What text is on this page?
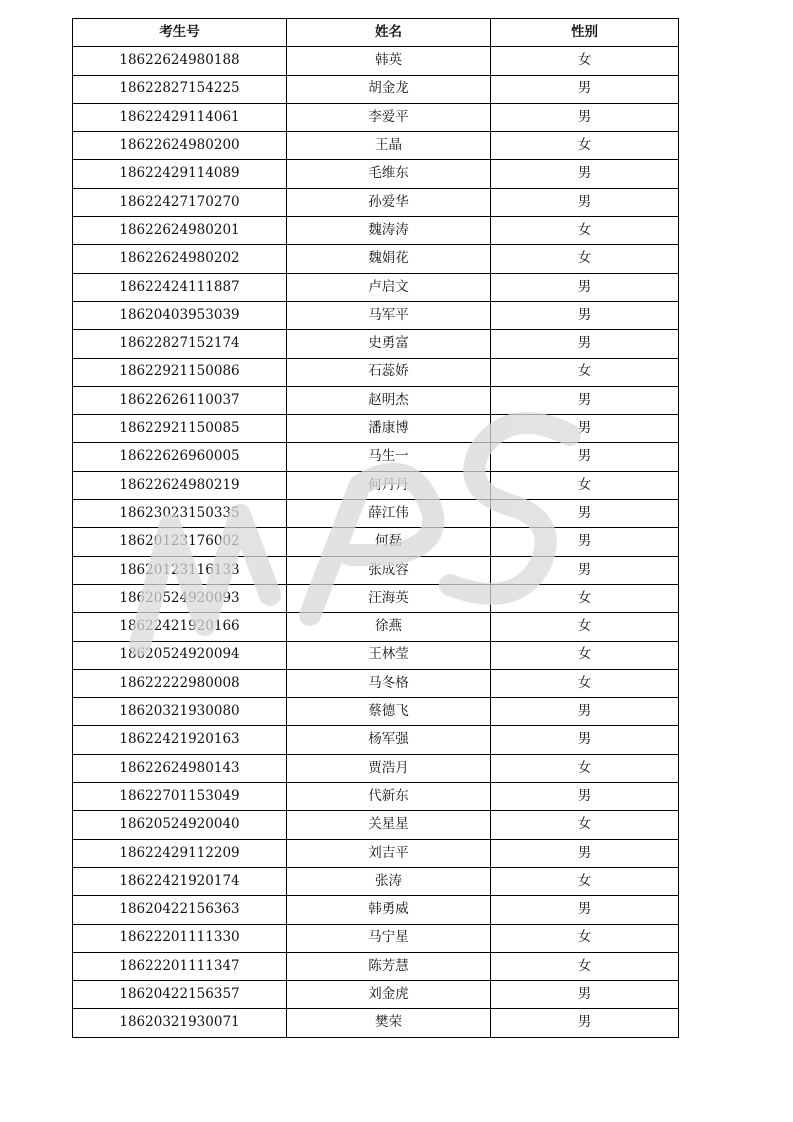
考生号	姓名	性别
18622624980188	韩英	女
18622827154225	胡金龙	男
18622429114061	李爱平	男
18622624980200	王晶	女
18622429114089	毛维东	男
18622427170270	孙爱华	男
18622624980201	魏涛涛	女
18622624980202	魏娟花	女
18622424111887	卢启文	男
18620403953039	马军平	男
18622827152174	史勇富	男
18622921150086	石蕊娇	女
18622626110037	赵明杰	男
18622921150085	潘康博	男
18622626960005	马生一	男
18622624980219	何丹丹	女
18623023150335	薛江伟	男
18620123176002	何磊	男
18620123116133	张成容	男
18620524920093	汪海英	女
18622421920166	徐燕	女
18620524920094	王林莹	女
18622222980008	马冬格	女
18620321930080	蔡德飞	男
18622421920163	杨军强	男
18622624980143	贾浩月	女
18622701153049	代新东	男
18620524920040	关星星	女
18622429112209	刘吉平	男
18622421920174	张涛	女
18620422156363	韩勇威	男
18622201111330	马宁星	女
18622201111347	陈芳慧	女
18620422156357	刘金虎	男
18620321930071	樊荣	男
